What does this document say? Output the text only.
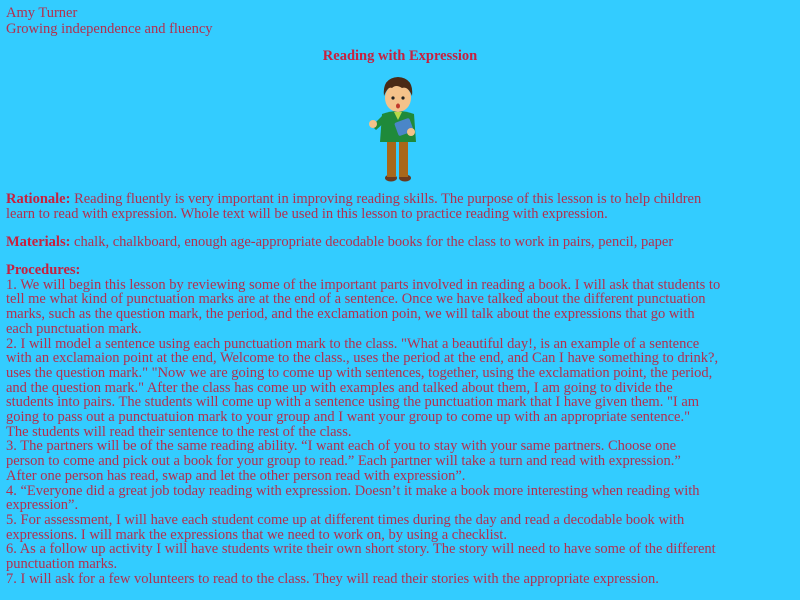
Amy Turner
Growing independence and fluency
Reading with Expression
Rationale: Reading fluently is very important in improving reading skills. The purpose of this lesson is to help children
learn to read with expression. Whole text will be used in this lesson to practice reading with expression.
Materials: chalk, chalkboard, enough age-appropriate decodable books for the class to work in pairs, pencil, paper
Procedures:
1. We will begin this lesson by reviewing some of the important parts involved in reading a book. I will ask that students to
tell me what kind of punctuation marks are at the end of a sentence. Once we have talked about the different punctuation
marks, such as the question mark, the period, and the exclamation poin, we will talk about the expressions that go with
each punctuation mark.
2. I will model a sentence using each punctuation mark to the class. "What a beautiful day!, is an example of a sentence
with an exclamaion point at the end, Welcome to the class., uses the period at the end, and Can I have something to drink?,
uses the question mark." "Now we are going to come up with sentences, together, using the exclamation point, the period,
and the question mark." After the class has come up with examples and talked about them, I am going to divide the
students into pairs. The students will come up with a sentence using the punctuation mark that I have given them. "I am
going to pass out a punctuatuion mark to your group and I want your group to come up with an appropriate sentence."
The students will read their sentence to the rest of the class.
3. The partners will be of the same reading ability. “I want each of you to stay with your same partners. Choose one
person to come and pick out a book for your group to read.” Each partner will take a turn and read with expression.”
After one person has read, swap and let the other person read with expression”.
4. “Everyone did a great job today reading with expression. Doesn’t it make a book more interesting when reading with
expression”.
5. For assessment, I will have each student come up at different times during the day and read a decodable book with
expressions. I will mark the expressions that we need to work on, by using a checklist.
6. As a follow up activity I will have students write their own short story. The story will need to have some of the different
punctuation marks.
7. I will ask for a few volunteers to read to the class. They will read their stories with the appropriate expression.
